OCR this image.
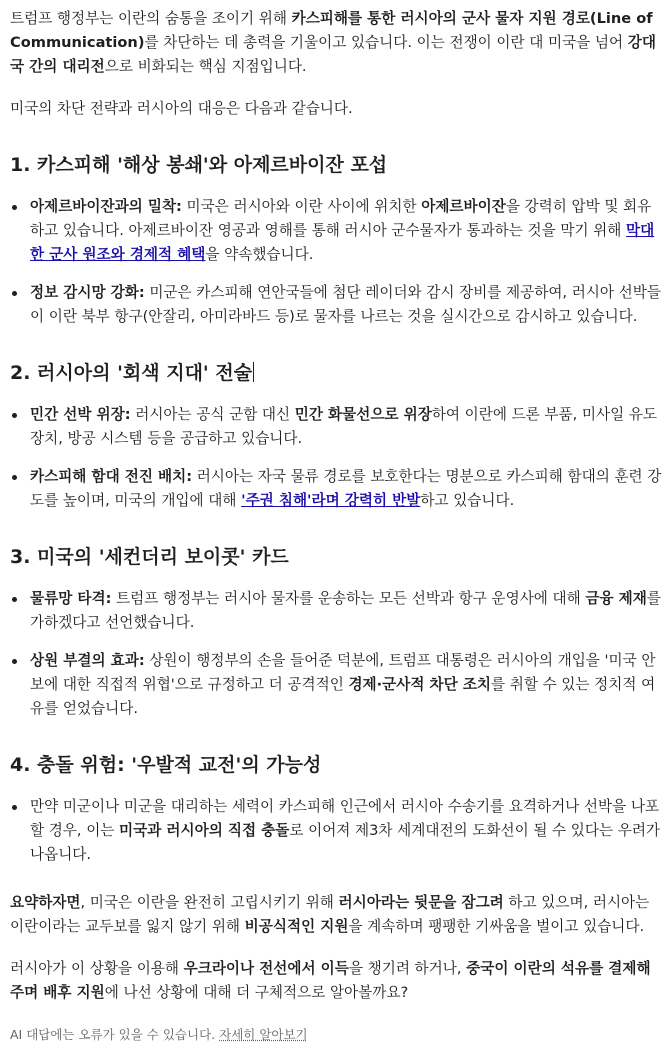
트럼프 행정부는 이란의 숨통을 조이기 위해 카스피해를 통한 러시아의 군사 물자 지원 경로(Line of Communication)를 차단하는 데 총력을 기울이고 있습니다. 이는 전쟁이 이란 대 미국을 넘어 강대국 간의 대리전으로 비화되는 핵심 지점입니다.

미국의 차단 전략과 러시아의 대응은 다음과 같습니다.

1. 카스피해 '해상 봉쇄'와 아제르바이잔 포섭
아제르바이잔과의 밀착: 미국은 러시아와 이란 사이에 위치한 아제르바이잔을 강력히 압박 및 회유하고 있습니다. 아제르바이잔 영공과 영해를 통해 러시아 군수물자가 통과하는 것을 막기 위해 막대한 군사 원조와 경제적 혜택을 약속했습니다.
정보 감시망 강화: 미군은 카스피해 연안국들에 첨단 레이더와 감시 장비를 제공하여, 러시아 선박들이 이란 북부 항구(안잘리, 아미라바드 등)로 물자를 나르는 것을 실시간으로 감시하고 있습니다.
2. 러시아의 '회색 지대' 전술
민간 선박 위장: 러시아는 공식 군함 대신 민간 화물선으로 위장하여 이란에 드론 부품, 미사일 유도 장치, 방공 시스템 등을 공급하고 있습니다.
카스피해 함대 전진 배치: 러시아는 자국 물류 경로를 보호한다는 명분으로 카스피해 함대의 훈련 강도를 높이며, 미국의 개입에 대해 '주권 침해'라며 강력히 반발하고 있습니다.
3. 미국의 '세컨더리 보이콧' 카드
물류망 타격: 트럼프 행정부는 러시아 물자를 운송하는 모든 선박과 항구 운영사에 대해 금융 제재를 가하겠다고 선언했습니다.
상원 부결의 효과: 상원이 행정부의 손을 들어준 덕분에, 트럼프 대통령은 러시아의 개입을 '미국 안보에 대한 직접적 위협'으로 규정하고 더 공격적인 경제·군사적 차단 조치를 취할 수 있는 정치적 여유를 얻었습니다.
4. 충돌 위험: '우발적 교전'의 가능성
만약 미군이나 미군을 대리하는 세력이 카스피해 인근에서 러시아 수송기를 요격하거나 선박을 나포할 경우, 이는 미국과 러시아의 직접 충돌로 이어져 제3차 세계대전의 도화선이 될 수 있다는 우려가 나옵니다.

요약하자면, 미국은 이란을 완전히 고립시키기 위해 러시아라는 뒷문을 잠그려 하고 있으며, 러시아는 이란이라는 교두보를 잃지 않기 위해 비공식적인 지원을 계속하며 팽팽한 기싸움을 벌이고 있습니다.

러시아가 이 상황을 이용해 우크라이나 전선에서 이득을 챙기려 하거나, 중국이 이란의 석유를 결제해 주며 배후 지원에 나선 상황에 대해 더 구체적으로 알아볼까요?

AI 대답에는 오류가 있을 수 있습니다. 자세히 알아보기
